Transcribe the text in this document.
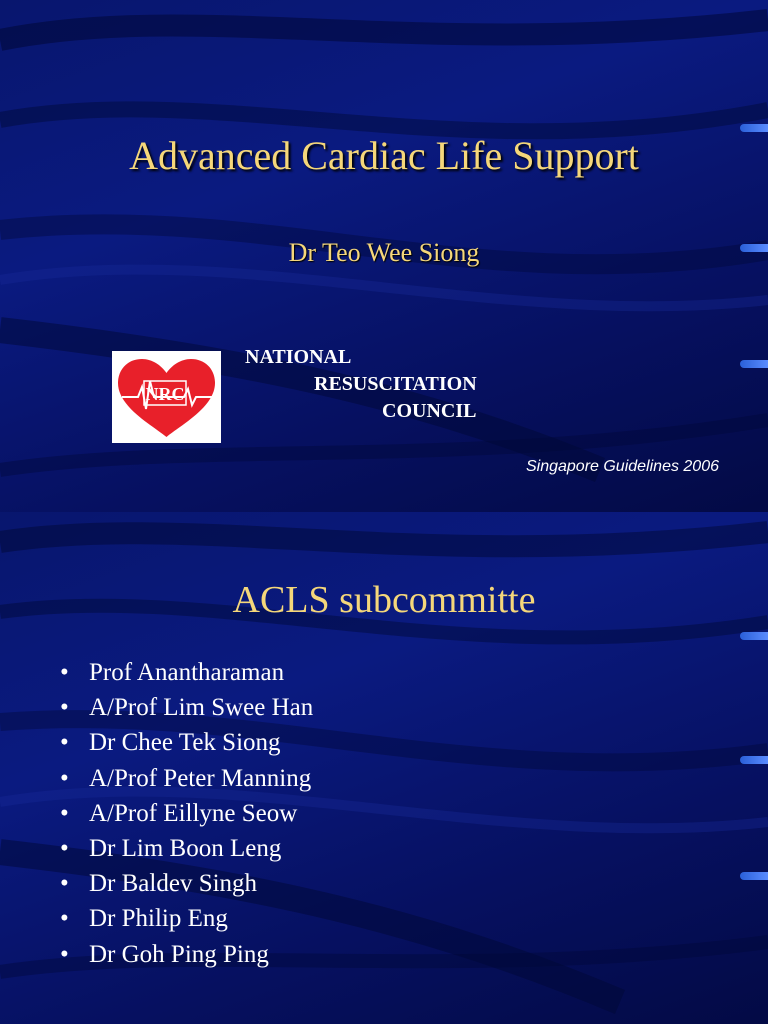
Advanced Cardiac Life Support
Dr Teo Wee Siong
NRC
NATIONAL
RESUSCITATION
COUNCIL
Singapore Guidelines 2006
ACLS subcommitte
• Prof Anantharaman
• A/Prof Lim Swee Han
• Dr Chee Tek Siong
• A/Prof Peter Manning
• A/Prof Eillyne Seow
• Dr Lim Boon Leng
• Dr Baldev Singh
• Dr Philip Eng
• Dr Goh Ping Ping
